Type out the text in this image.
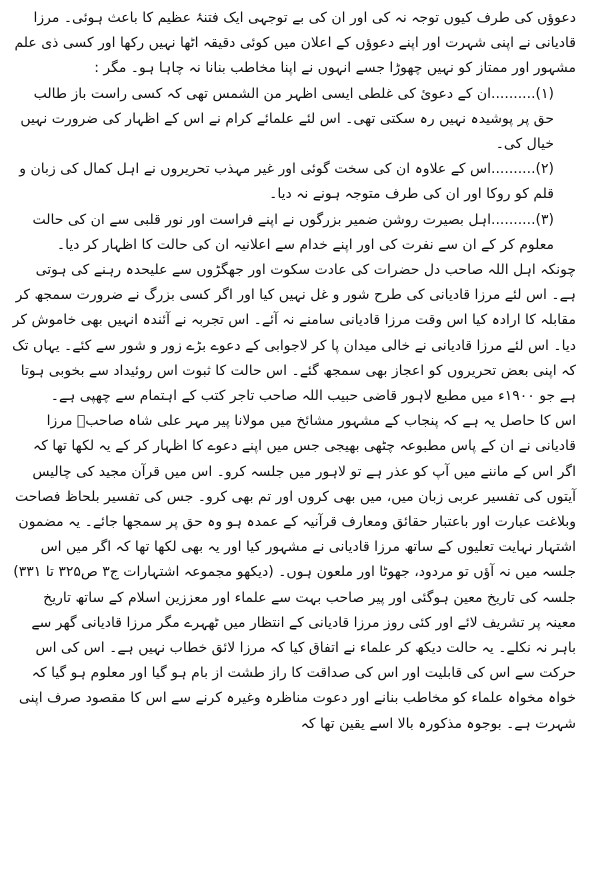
دعوؤں کی طرف کیوں توجہ نہ کی اور ان کی بے توجہی ایک فتنۂ عظیم کا باعث ہوئی۔ مرزا قادیانی نے اپنی شہرت اور اپنے دعوؤں کے اعلان میں کوئی دقیقہ اٹھا نہیں رکھا اور کسی ذی علم مشہور اور ممتاز کو نہیں چھوڑا جسے انہوں نے اپنا مخاطب بنانا نہ چاہا ہو۔ مگر :

(۱)..........ان کے دعوئ کی غلطی ایسی اظہر من الشمس تھی کہ کسی راست باز طالب حق پر پوشیدہ نہیں رہ سکتی تھی۔ اس لئے علمائے کرام نے اس کے اظہار کی ضرورت نہیں خیال کی۔

(۲)..........اس کے علاوہ ان کی سخت گوئی اور غیر مہذب تحریروں نے اہل کمال کی زبان و قلم کو روکا اور ان کی طرف متوجہ ہونے نہ دیا۔

(۳)..........اہل بصیرت روشن ضمیر بزرگوں نے اپنے فراست اور نور قلبی سے ان کی حالت معلوم کر کے ان سے نفرت کی اور اپنے خدام سے اعلانیہ ان کی حالت کا اظہار کر دیا۔

چونکہ اہل اللہ صاحب دل حضرات کی عادت سکوت اور جھگڑوں سے علیحدہ رہنے کی ہوتی ہے۔ اس لئے مرزا قادیانی کی طرح شور و غل نہیں کیا اور اگر کسی بزرگ نے ضرورت سمجھ کر مقابلہ کا ارادہ کیا اس وقت مرزا قادیانی سامنے نہ آئے۔ اس تجربہ نے آئندہ انہیں بھی خاموش کر دیا۔ اس لئے مرزا قادیانی نے خالی میدان پا کر لاجوابی کے دعوے بڑے زور و شور سے کئے۔ یہاں تک کہ اپنی بعض تحریروں کو اعجاز بھی سمجھ گئے۔ اس حالت کا ثبوت اس روئیداد سے بخوبی ہوتا ہے جو ۱۹۰۰ء میں مطبع لاہور قاضی حبیب اللہ صاحب تاجر کتب کے اہتمام سے چھپی ہے۔

اس کا حاصل یہ ہے کہ پنجاب کے مشہور مشائخ میں مولانا پیر مہر علی شاہ صاحبؒ مرزا قادیانی نے ان کے پاس مطبوعہ چٹھی بھیجی جس میں اپنے دعوے کا اظہار کر کے یہ لکھا تھا کہ اگر اس کے ماننے میں آپ کو عذر ہے تو لاہور میں جلسہ کرو۔ اس میں قرآن مجید کی چالیس آیتوں کی تفسیر عربی زبان میں، میں بھی کروں اور تم بھی کرو۔ جس کی تفسیر بلحاظ فصاحت وبلاغت عبارت اور باعتبار حقائق ومعارف قرآنیہ کے عمدہ ہو وہ حق پر سمجھا جائے۔ یہ مضمون اشتہار نہایت تعلیوں کے ساتھ مرزا قادیانی نے مشہور کیا اور یہ بھی لکھا تھا کہ اگر میں اس جلسہ میں نہ آؤں تو مردود، جھوٹا اور ملعون ہوں۔ (دیکھو مجموعہ اشتہارات ج۳ ص۳۲۵ تا ۳۳۱) جلسہ کی تاریخ معین ہوگئی اور پیر صاحب بہت سے علماء اور معززین اسلام کے ساتھ تاریخ معینہ پر تشریف لائے اور کئی روز مرزا قادیانی کے انتظار میں ٹھہرے مگر مرزا قادیانی گھر سے باہر نہ نکلے۔ یہ حالت دیکھ کر علماء نے اتفاق کیا کہ مرزا لائق خطاب نہیں ہے۔ اس کی اس حرکت سے اس کی قابلیت اور اس کی صداقت کا راز طشت از بام ہو گیا اور معلوم ہو گیا کہ خواہ مخواہ علماء کو مخاطب بنانے اور دعوت مناظرہ وغیرہ کرنے سے اس کا مقصود صرف اپنی شہرت ہے۔ بوجوہ مذکورہ بالا اسے یقین تھا کہ
